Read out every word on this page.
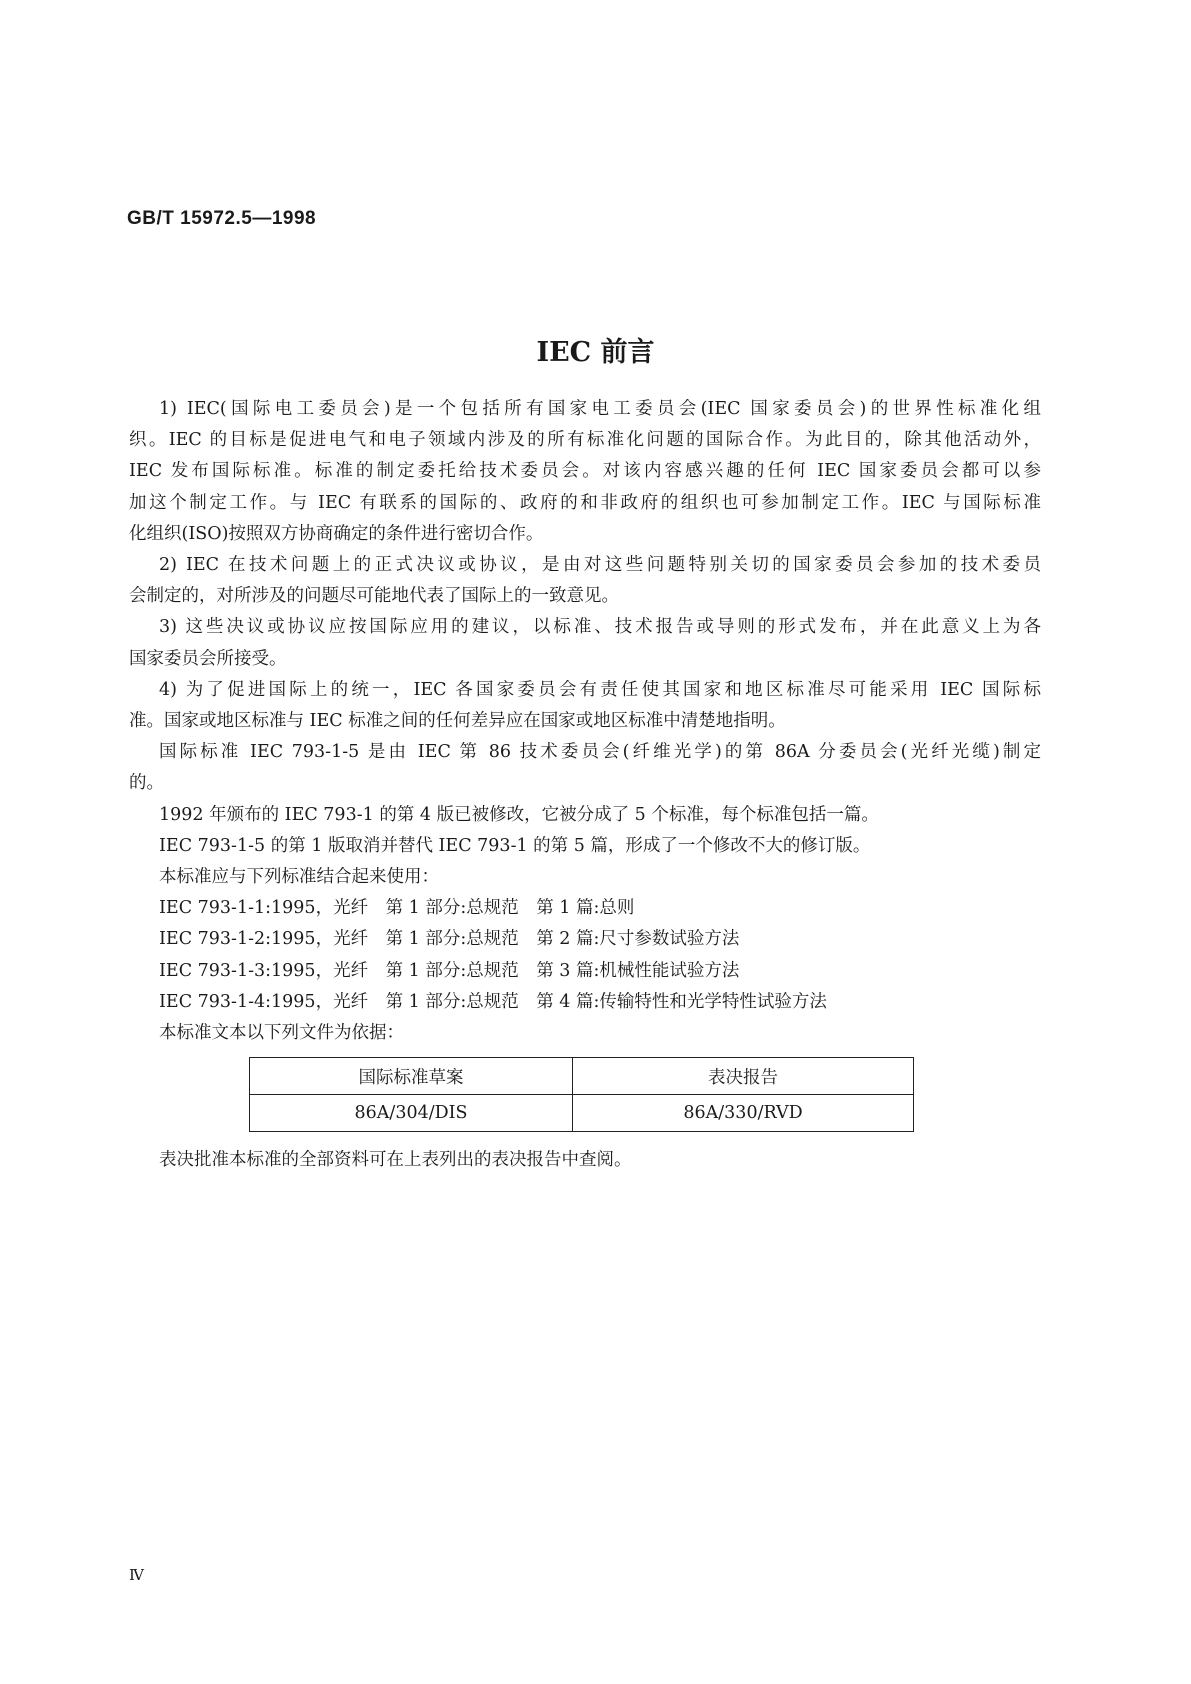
GB/T 15972.5—1998
IEC 前言
1) IEC(国际电工委员会)是一个包括所有国家电工委员会(IEC 国家委员会)的世界性标准化组
织。IEC 的目标是促进电气和电子领域内涉及的所有标准化问题的国际合作。为此目的，除其他活动外，
IEC 发布国际标准。标准的制定委托给技术委员会。对该内容感兴趣的任何 IEC 国家委员会都可以参
加这个制定工作。与 IEC 有联系的国际的、政府的和非政府的组织也可参加制定工作。IEC 与国际标准
化组织(ISO)按照双方协商确定的条件进行密切合作。
2) IEC 在技术问题上的正式决议或协议，是由对这些问题特别关切的国家委员会参加的技术委员
会制定的，对所涉及的问题尽可能地代表了国际上的一致意见。
3) 这些决议或协议应按国际应用的建议，以标准、技术报告或导则的形式发布，并在此意义上为各
国家委员会所接受。
4) 为了促进国际上的统一，IEC 各国家委员会有责任使其国家和地区标准尽可能采用 IEC 国际标
准。国家或地区标准与 IEC 标准之间的任何差异应在国家或地区标准中清楚地指明。
国际标准 IEC 793-1-5 是由 IEC 第 86 技术委员会(纤维光学)的第 86A 分委员会(光纤光缆)制定
的。
1992 年颁布的 IEC 793-1 的第 4 版已被修改，它被分成了 5 个标准，每个标准包括一篇。
IEC 793-1-5 的第 1 版取消并替代 IEC 793-1 的第 5 篇，形成了一个修改不大的修订版。
本标准应与下列标准结合起来使用：
IEC 793-1-1:1995，光纤　第 1 部分:总规范　第 1 篇:总则
IEC 793-1-2:1995，光纤　第 1 部分:总规范　第 2 篇:尺寸参数试验方法
IEC 793-1-3:1995，光纤　第 1 部分:总规范　第 3 篇:机械性能试验方法
IEC 793-1-4:1995，光纤　第 1 部分:总规范　第 4 篇:传输特性和光学特性试验方法
本标准文本以下列文件为依据：
国际标准草案	表决报告
86A/304/DIS	86A/330/RVD
表决批准本标准的全部资料可在上表列出的表决报告中查阅。
Ⅳ
